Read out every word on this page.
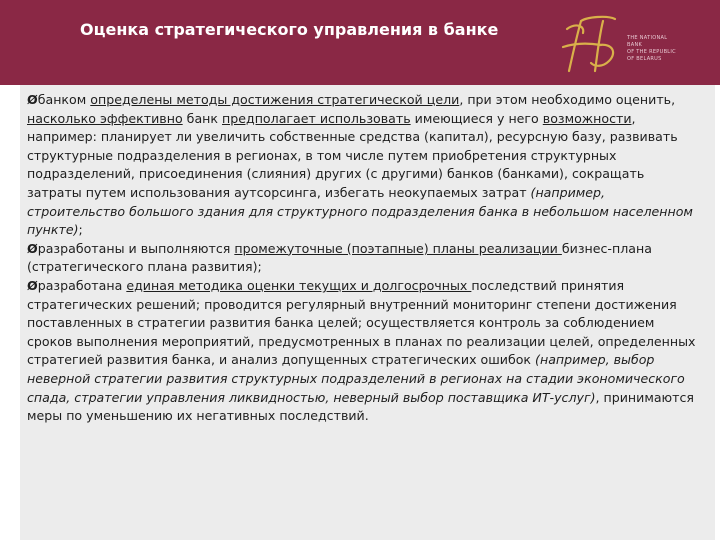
Оценка стратегического управления в банке	THE NATIONAL
BANK
OF THE REPUBLIC
OF BELARUS

Øбанком определены методы достижения стратегической цели, при этом необходимо оценить, насколько эффективно банк предполагает использовать имеющиеся у него возможности, например: планирует ли увеличить собственные средства (капитал), ресурсную базу, развивать структурные подразделения в регионах, в том числе путем приобретения структурных подразделений, присоединения (слияния) других (с другими) банков (банками), сокращать затраты путем использования аутсорсинга, избегать неокупаемых затрат (например, строительство большого здания для структурного подразделения банка в небольшом населенном пункте);

Øразработаны и выполняются промежуточные (поэтапные) планы реализации бизнес-плана (стратегического плана развития);

Øразработана единая методика оценки текущих и долгосрочных последствий принятия стратегических решений; проводится регулярный внутренний мониторинг степени достижения поставленных в стратегии развития банка целей; осуществляется контроль за соблюдением сроков выполнения мероприятий, предусмотренных в планах по реализации целей, определенных стратегией развития банка, и анализ допущенных стратегических ошибок (например, выбор неверной стратегии развития структурных подразделений в регионах на стадии экономического спада, стратегии управления ликвидностью, неверный выбор поставщика ИТ-услуг), принимаются меры по уменьшению их негативных последствий.
